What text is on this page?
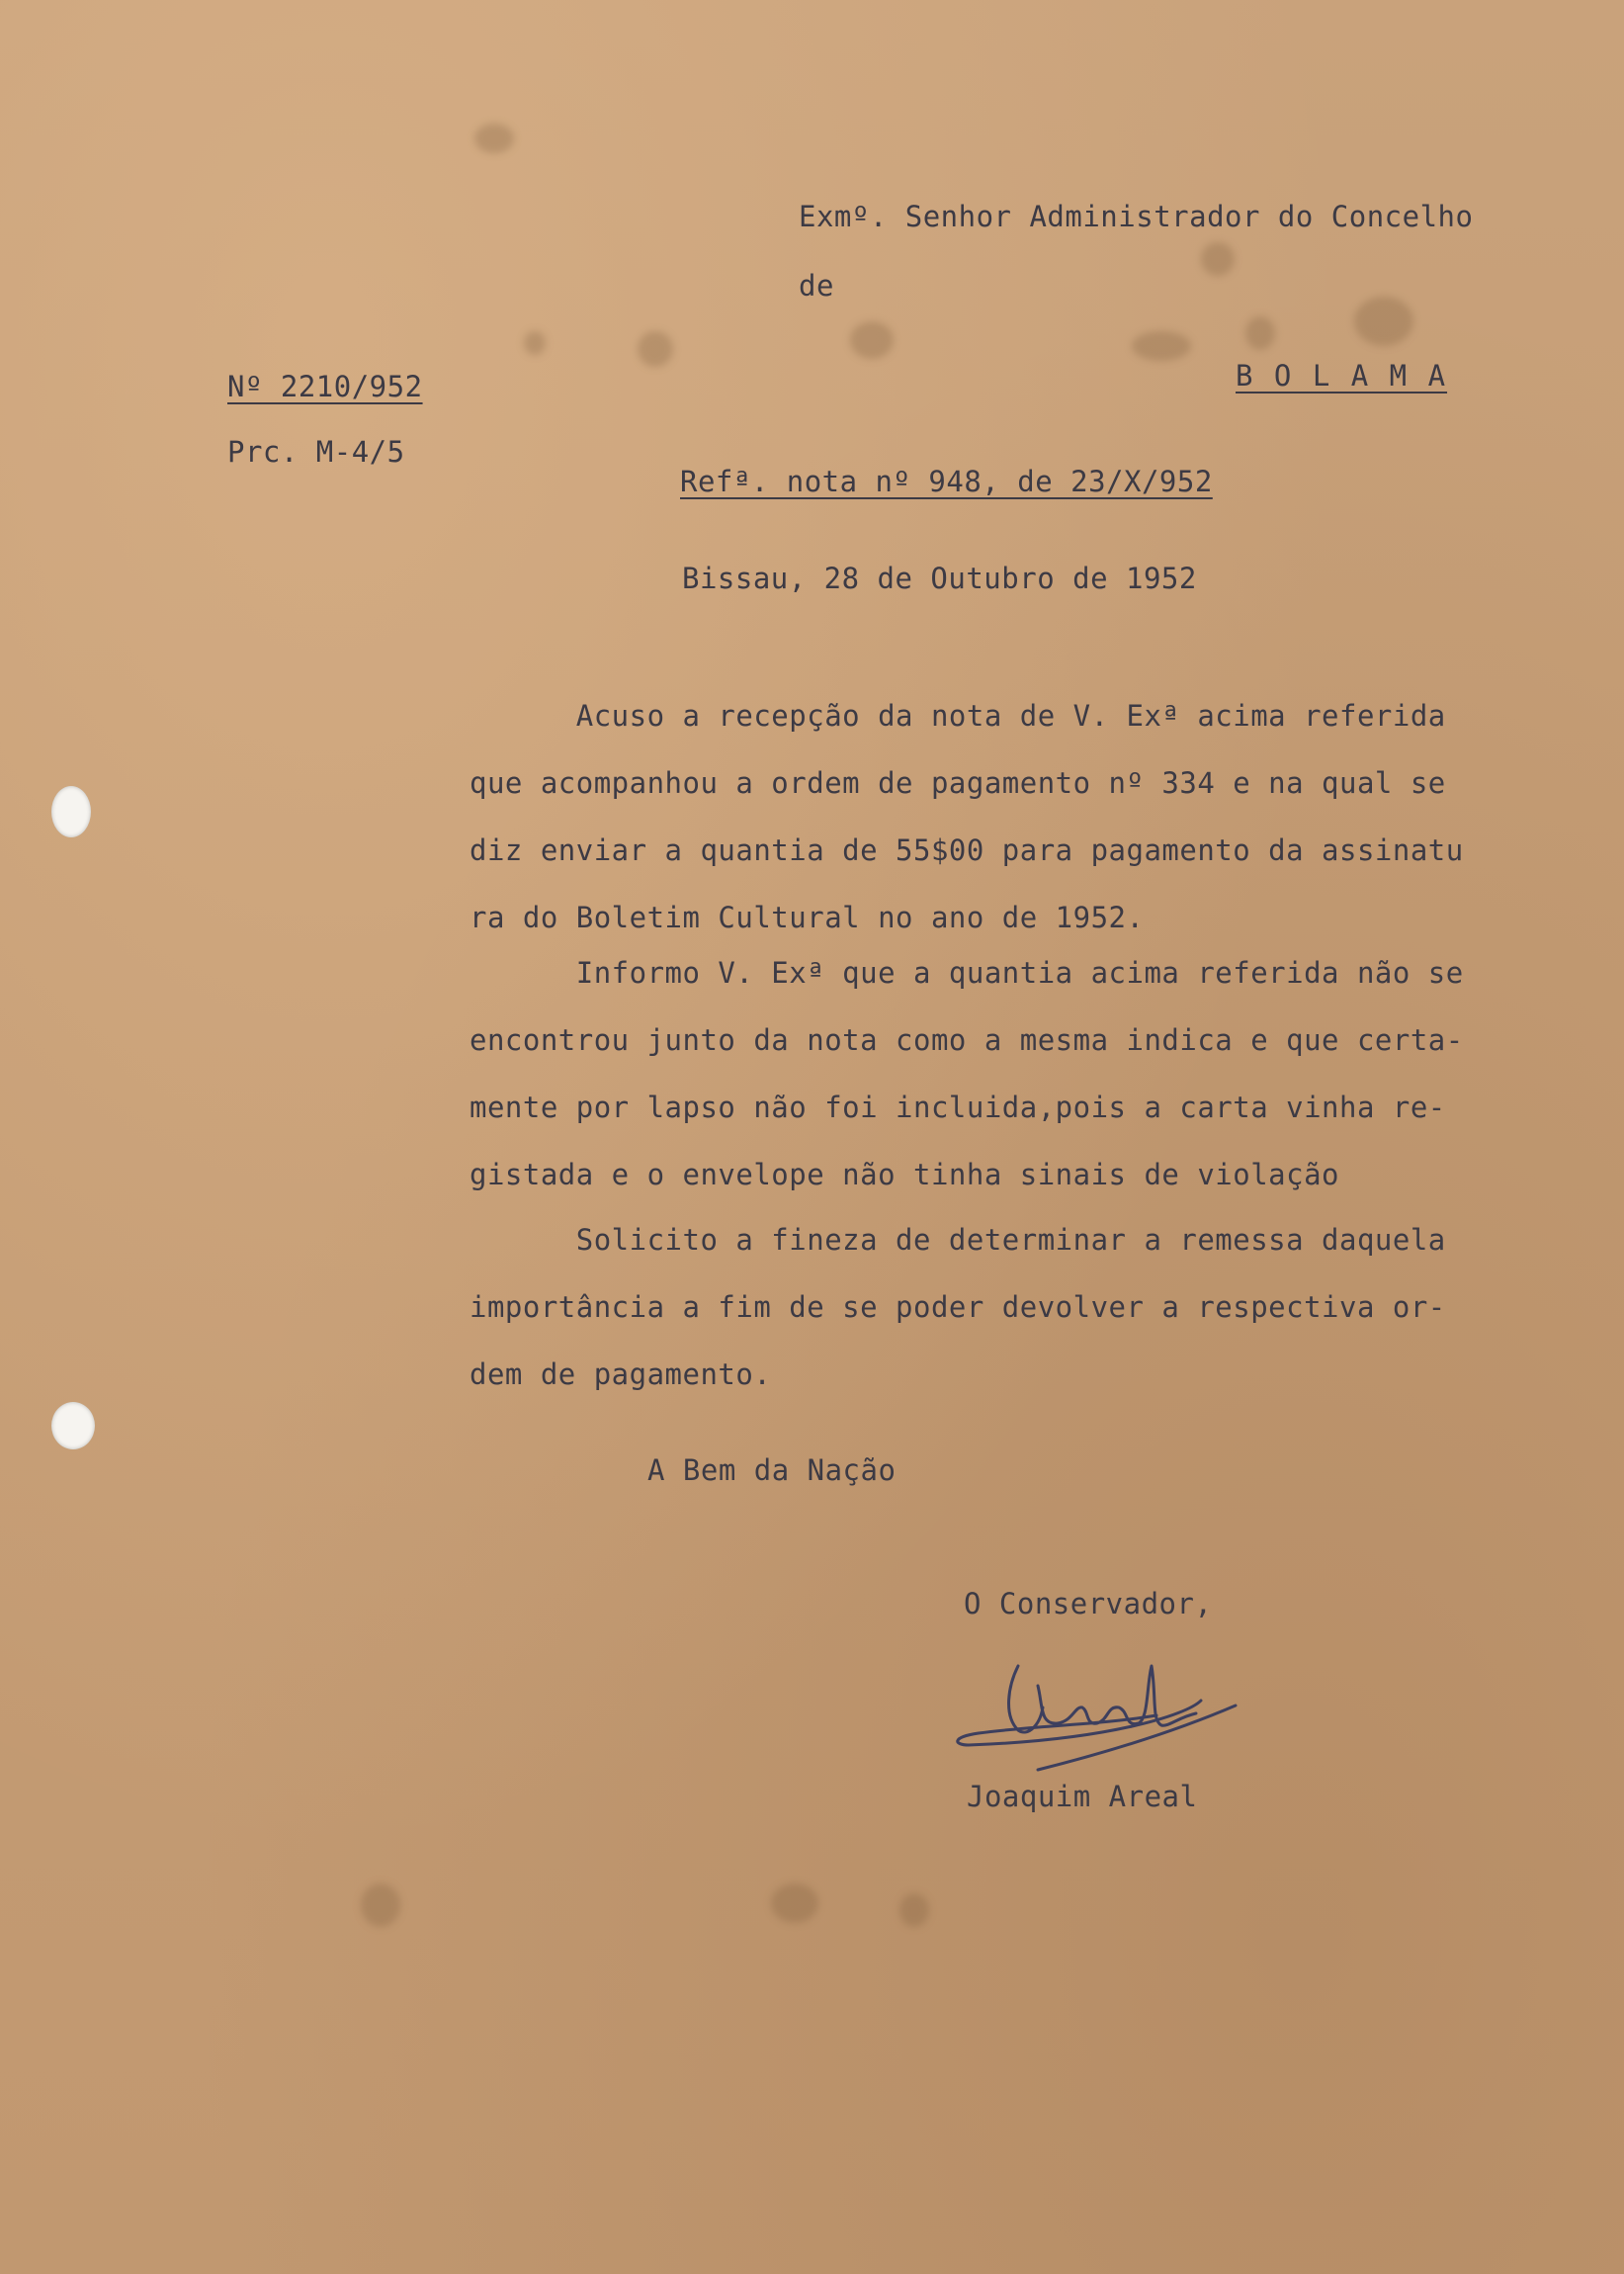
Exmº. Senhor Administrador do Concelho
de
B O L A M A
Nº 2210/952
Prc. M-4/5
Refª. nota nº 948, de 23/X/952
Bissau, 28 de Outubro de 1952
Acuso a recepção da nota de V. Exª acima referida
que acompanhou a ordem de pagamento nº 334 e na qual se
diz enviar a quantia de 55$00 para pagamento da assinatu
ra do Boletim Cultural no ano de 1952.
Informo V. Exª que a quantia acima referida não se
encontrou junto da nota como a mesma indica e que certa-
mente por lapso não foi incluida,pois a carta vinha re-
gistada e o envelope não tinha sinais de violação
Solicito a fineza de determinar a remessa daquela
importância a fim de se poder devolver a respectiva or-
dem de pagamento.
A Bem da Nação
O Conservador,
Joaquim Areal
